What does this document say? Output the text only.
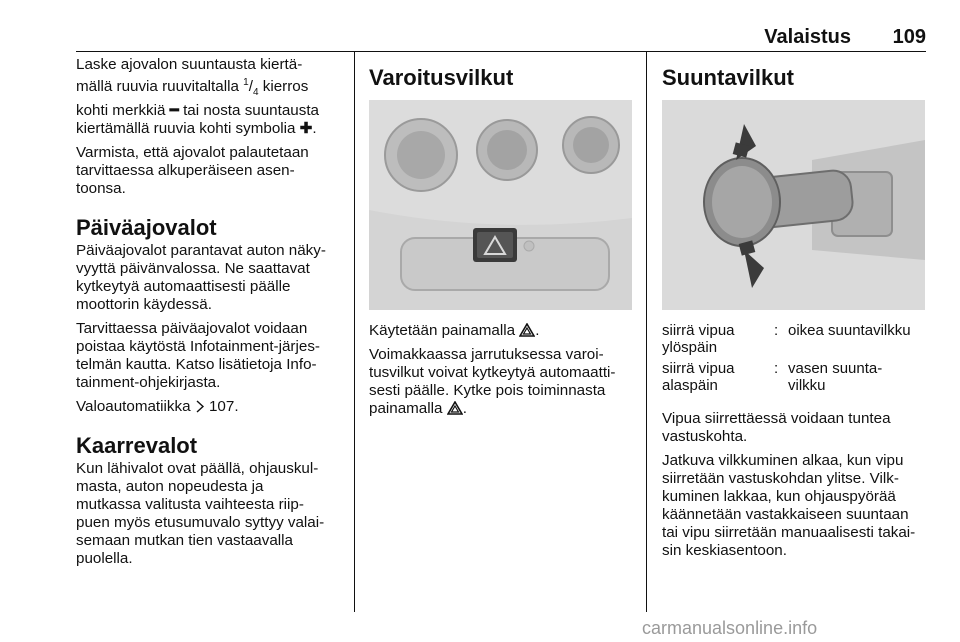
Valaistus 109

Laske ajovalon suuntausta kiertä-
mällä ruuvia ruuvitaltalla $^1/_4$ kierros
kohti merkkiä ━ tai nosta suuntausta
kiertämällä ruuvia kohti symbolia ✚.

Varmista, että ajovalot palautetaan
tarvittaessa alkuperäiseen asen-
toonsa.

Päiväajovalot

Päiväajovalot parantavat auton näky-
vyyttä päivänvalossa. Ne saattavat
kytkeytyä automaattisesti päälle
moottorin käydessä.

Tarvittaessa päiväajovalot voidaan
poistaa käytöstä Infotainment-järjes-
telmän kautta. Katso lisätietoja Info-
tainment-ohjekirjasta.

Valoautomatiikka  107.

Kaarrevalot

Kun lähivalot ovat päällä, ohjauskul-
masta, auton nopeudesta ja
mutkassa valitusta vaihteesta riip-
puen myös etusumuvalo syttyy valai-
semaan mutkan tien vastaavalla
puolella.

Varoitusvilkut

Käytetään painamalla .

Voimakkaassa jarrutuksessa varoi-
tusvilkut voivat kytkeytyä automaatti-
sesti päälle. Kytke pois toiminnasta
painamalla .

Suuntavilkut
siirrä vipua
ylöspäin
: oikea suuntavilkku
siirrä vipua
alaspäin
: vasen suunta-
vilkku

Vipua siirrettäessä voidaan tuntea
vastuskohta.

Jatkuva vilkkuminen alkaa, kun vipu
siirretään vastuskohdan ylitse. Vilk-
kuminen lakkaa, kun ohjauspyörää
käännetään vastakkaiseen suuntaan
tai vipu siirretään manuaalisesti takai-
sin keskiasentoon.

carmanualsonline.info
